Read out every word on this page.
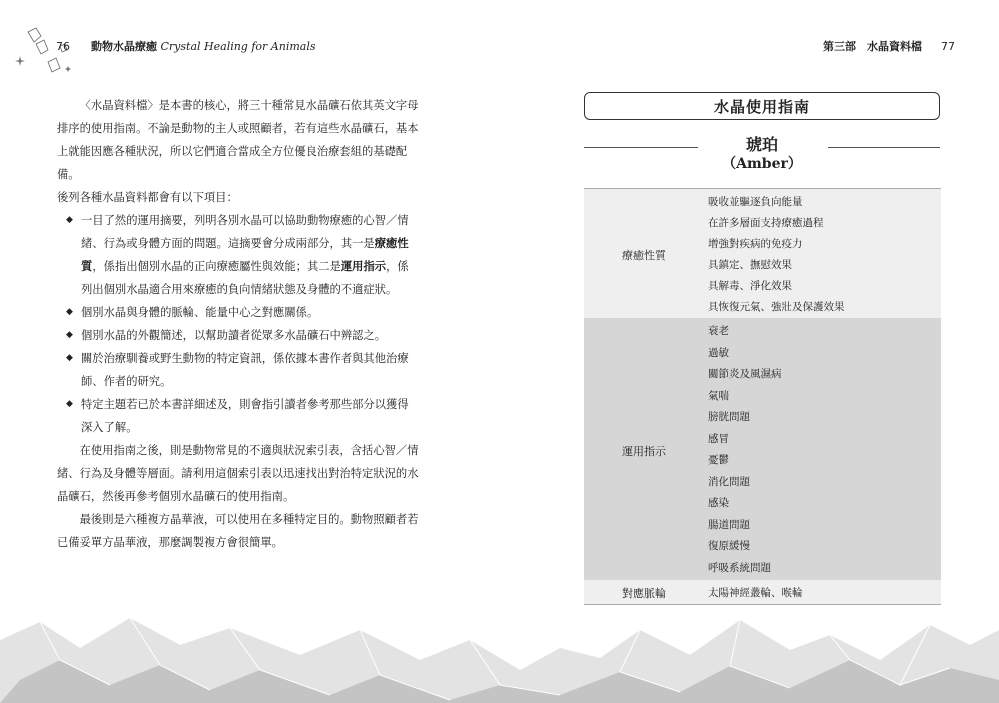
76 動物水晶療癒 Crystal Healing for Animals	第三部　水晶資料檔 77

〈水晶資料檔〉是本書的核心，將三十種常見水晶礦石依其英文字母排序的使用指南。不論是動物的主人或照顧者，若有這些水晶礦石，基本上就能因應各種狀況，所以它們適合當成全方位優良治療套組的基礎配備。

後列各種水晶資料都會有以下項目：

◆ 一目了然的運用摘要，列明各別水晶可以協助動物療癒的心智／情緒、行為或身體方面的問題。這摘要會分成兩部分，其一是療癒性質，係指出個別水晶的正向療癒屬性與效能；其二是運用指示，係列出個別水晶適合用來療癒的負向情緒狀態及身體的不適症狀。
◆ 個別水晶與身體的脈輪、能量中心之對應關係。
◆ 個別水晶的外觀簡述，以幫助讀者從眾多水晶礦石中辨認之。
◆ 關於治療馴養或野生動物的特定資訊，係依據本書作者與其他治療師、作者的研究。
◆ 特定主題若已於本書詳細述及，則會指引讀者參考那些部分以獲得深入了解。

在使用指南之後，則是動物常見的不適與狀況索引表，含括心智／情緒、行為及身體等層面。請利用這個索引表以迅速找出對治特定狀況的水晶礦石，然後再參考個別水晶礦石的使用指南。

最後則是六種複方晶華液，可以使用在多種特定目的。動物照顧者若已備妥單方晶華液，那麼調製複方會很簡單。

水晶使用指南
琥珀
（Amber）
療癒性質
吸收並驅逐負向能量
在許多層面支持療癒過程
增強對疾病的免疫力
具鎮定、撫慰效果
具解毒、淨化效果
具恢復元氣、強壯及保護效果
運用指示
衰老
過敏
關節炎及風濕病
氣喘
膀胱問題
感冒
憂鬱
消化問題
感染
腸道問題
復原緩慢
呼吸系統問題
對應脈輪	太陽神經叢輪、喉輪
